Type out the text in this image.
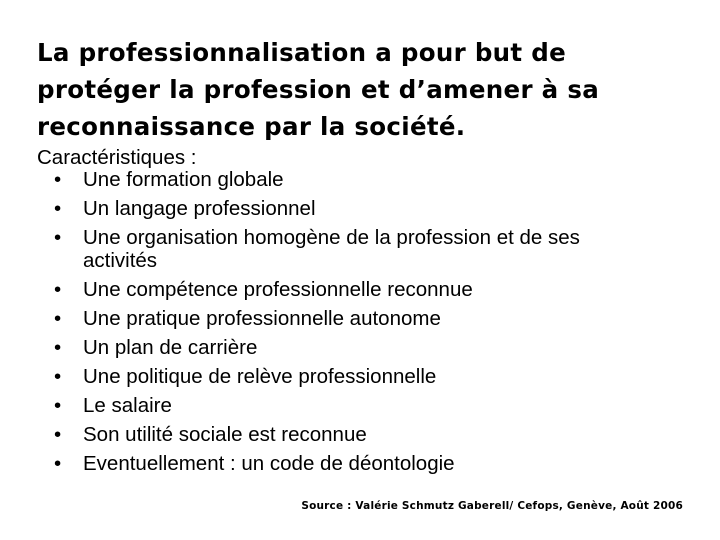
La professionnalisation a pour but de protéger la profession et d’amener à sa reconnaissance par la société.

Caractéristiques :

•	Une formation globale
•	Un langage professionnel
•	Une organisation homogène de la profession et de ses activités
•	Une compétence professionnelle reconnue
•	Une pratique professionnelle autonome
•	Un plan de carrière
•	Une politique de relève professionnelle
•	Le salaire
•	Son utilité sociale est reconnue
•	Eventuellement : un code de déontologie

Source : Valérie Schmutz Gaberell/ Cefops, Genève, Août 2006
